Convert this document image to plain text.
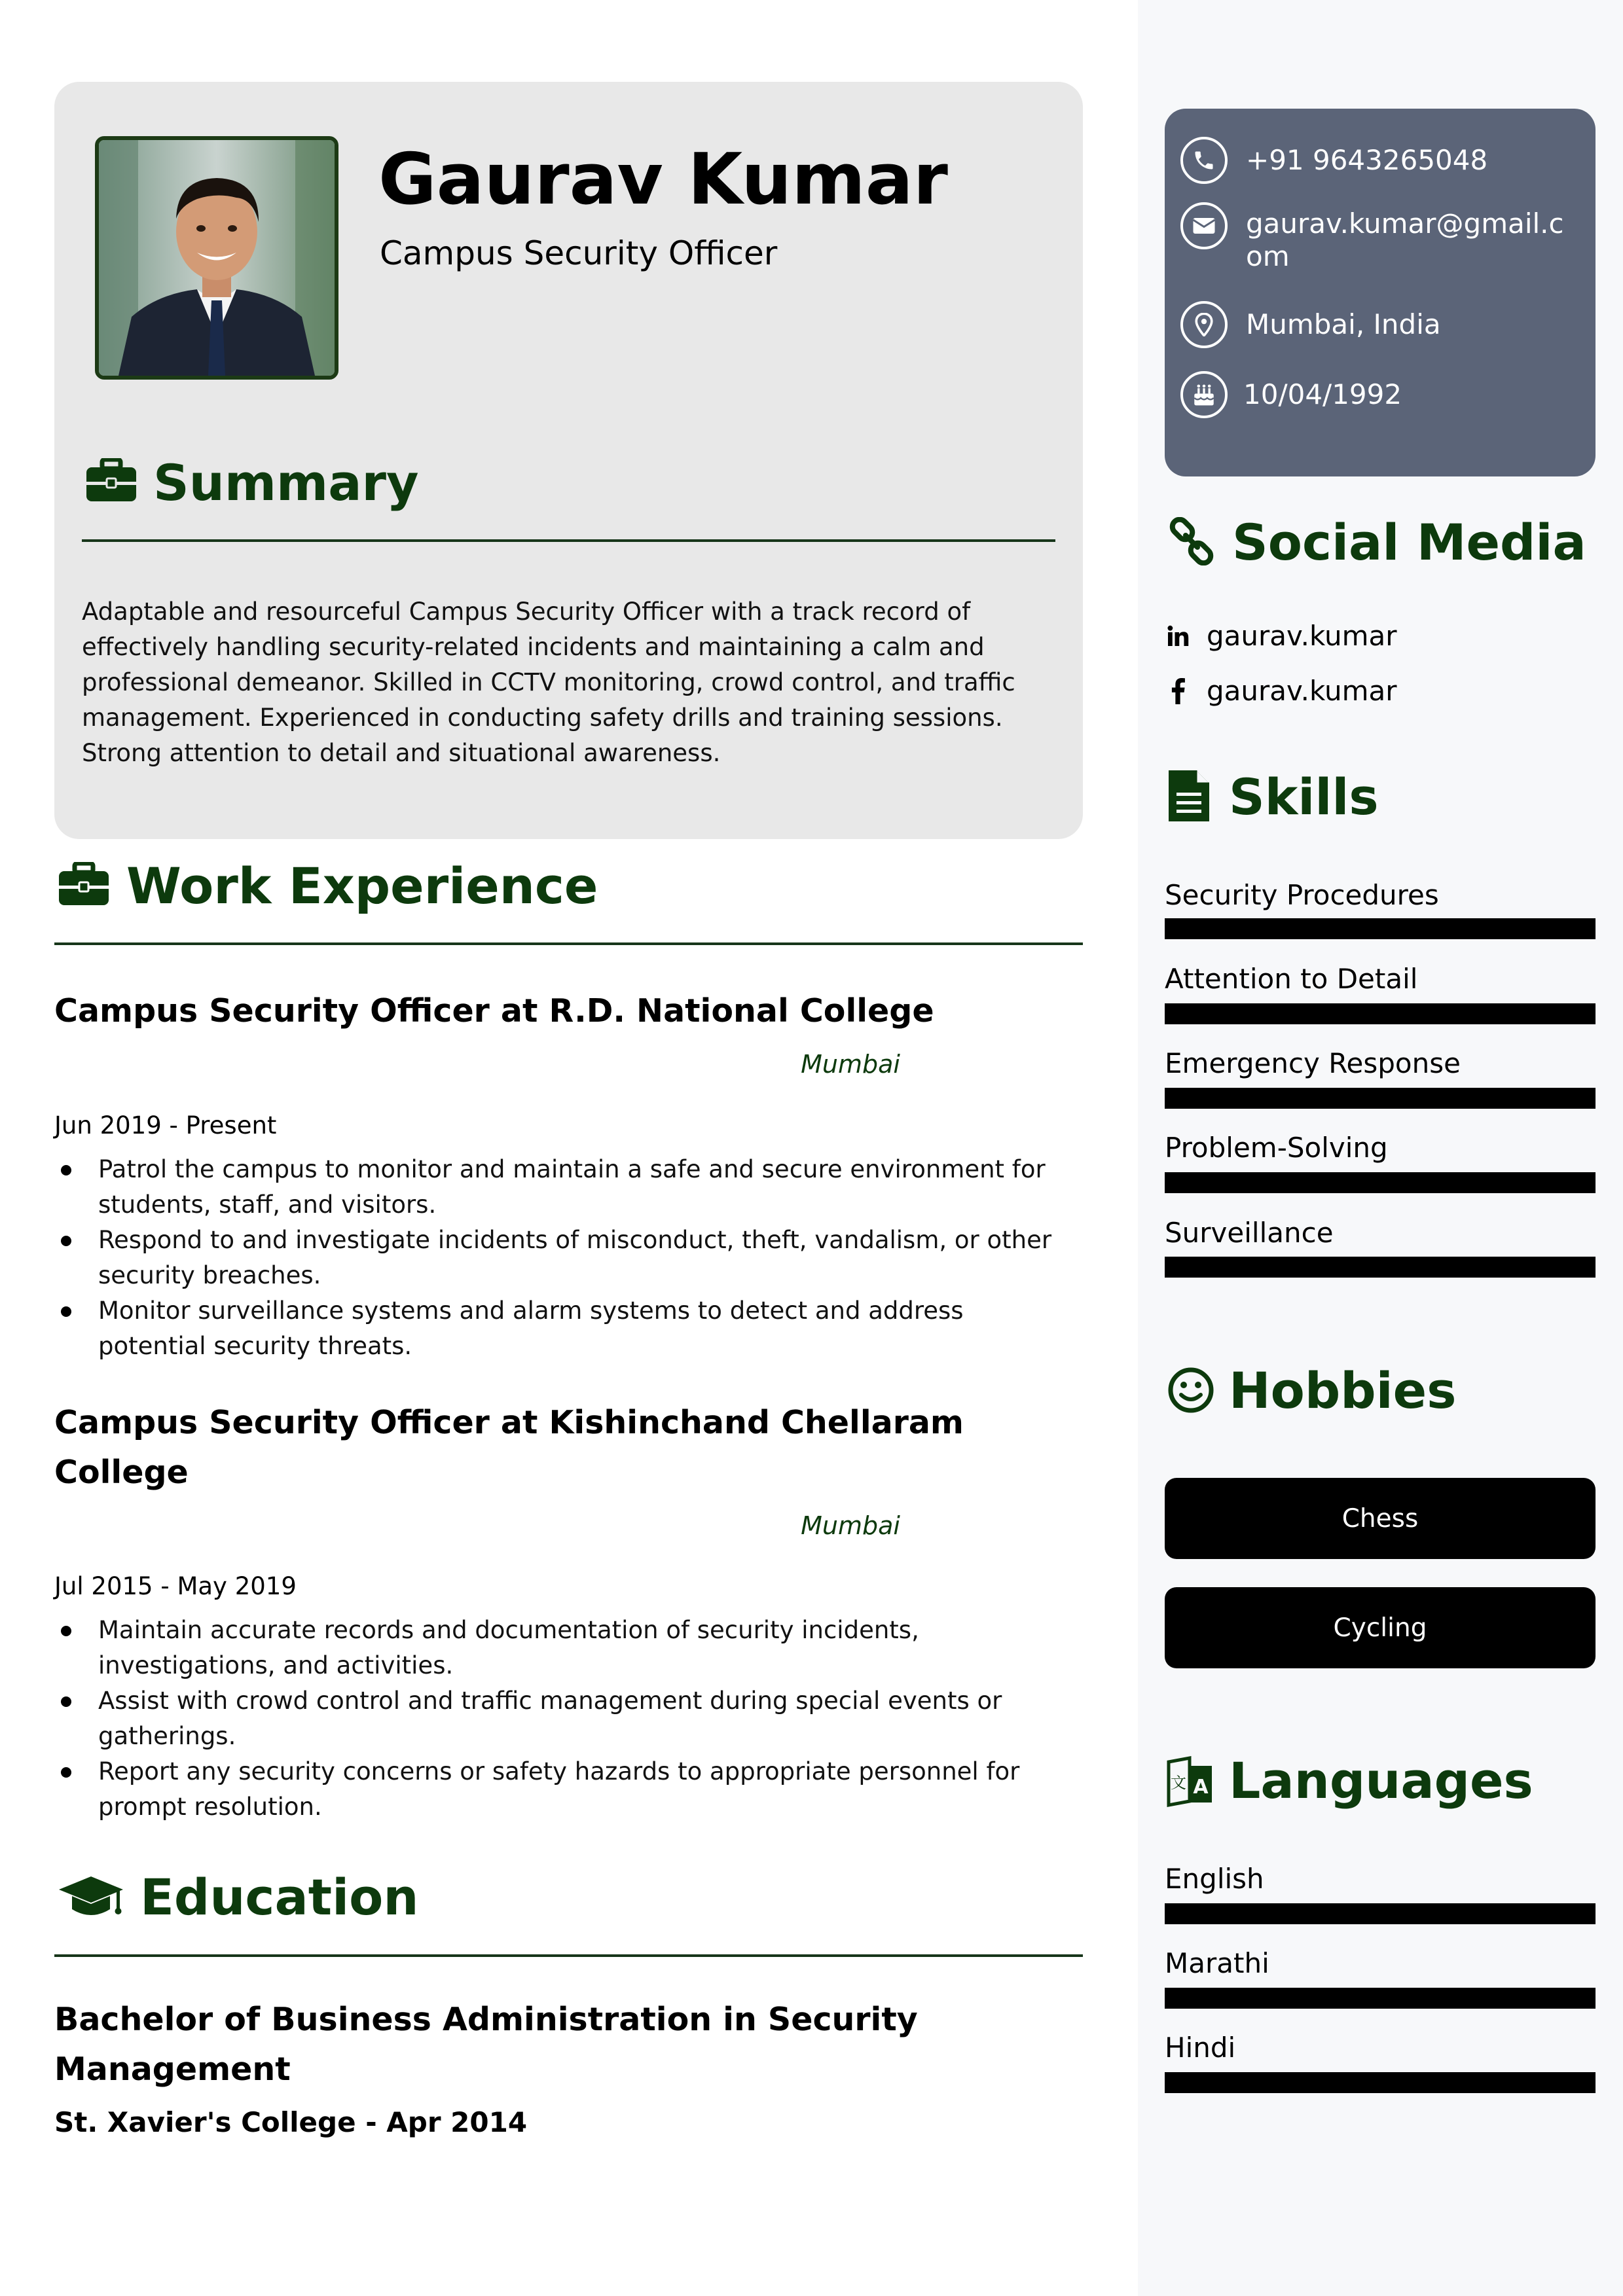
Gaurav Kumar
Campus Security Officer
Summary
Adaptable and resourceful Campus Security Officer with a track record of effectively handling security-related incidents and maintaining a calm and professional demeanor. Skilled in CCTV monitoring, crowd control, and traffic management. Experienced in conducting safety drills and training sessions. Strong attention to detail and situational awareness.
Work Experience
Campus Security Officer at R.D. National College
Mumbai
Jun 2019 - Present
Patrol the campus to monitor and maintain a safe and secure environment for students, staff, and visitors.
Respond to and investigate incidents of misconduct, theft, vandalism, or other security breaches.
Monitor surveillance systems and alarm systems to detect and address potential security threats.
Campus Security Officer at Kishinchand Chellaram College
Mumbai
Jul 2015 - May 2019
Maintain accurate records and documentation of security incidents, investigations, and activities.
Assist with crowd control and traffic management during special events or gatherings.
Report any security concerns or safety hazards to appropriate personnel for prompt resolution.
Education
Bachelor of Business Administration in Security Management
St. Xavier's College - Apr 2014
+91 9643265048
gaurav.kumar@gmail.com
Mumbai, India
10/04/1992
Social Media
gaurav.kumar
gaurav.kumar
Skills
Security Procedures
Attention to Detail
Emergency Response
Problem-Solving
Surveillance
Hobbies
Chess
Cycling
A
文 Languages
English
Marathi
Hindi
